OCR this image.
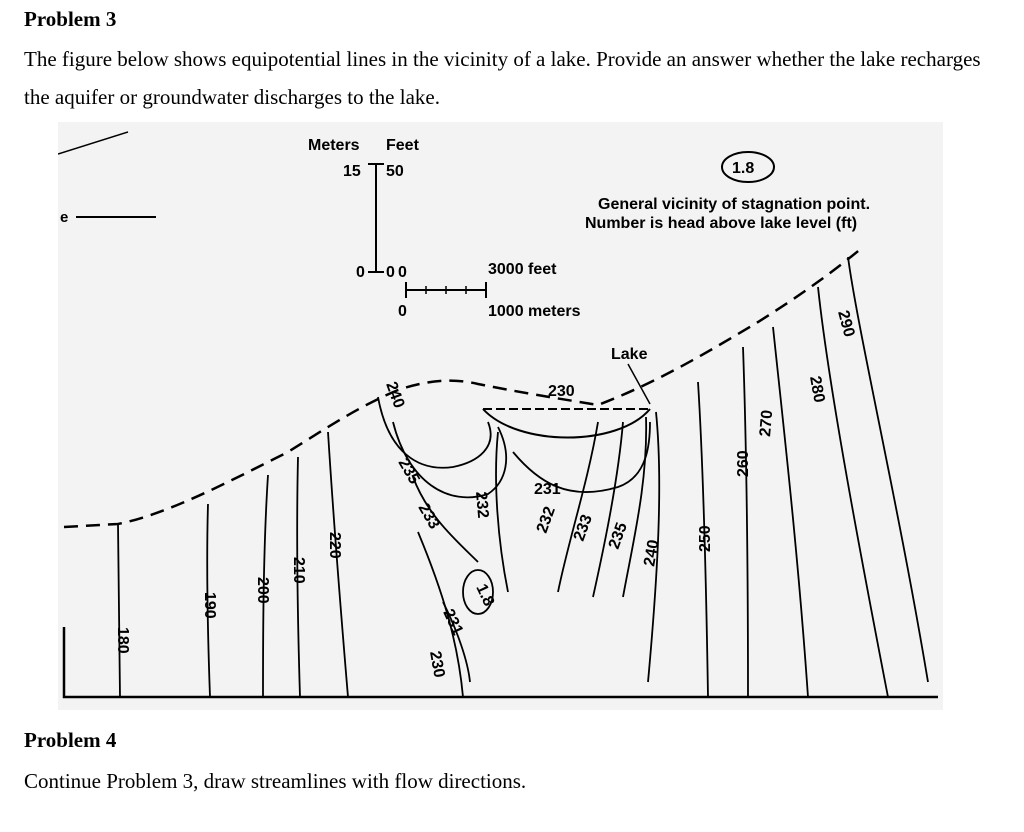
Problem 3

The figure below shows equipotential lines in the vicinity of a lake. Provide an answer whether the lake recharges the aquifer or groundwater discharges to the lake.

e
Meters Feet
15 50
0 0 0
0
3000 feet
1000 meters
1.8
General vicinity of stagnation point.
Number is head above lake level (ft)
Lake
180
190
200
210
220
240
235
233 232
231
230
1.8
230
231
232 233 235
240 250
260
270
280
290

Problem 4

Continue Problem 3, draw streamlines with flow directions.
